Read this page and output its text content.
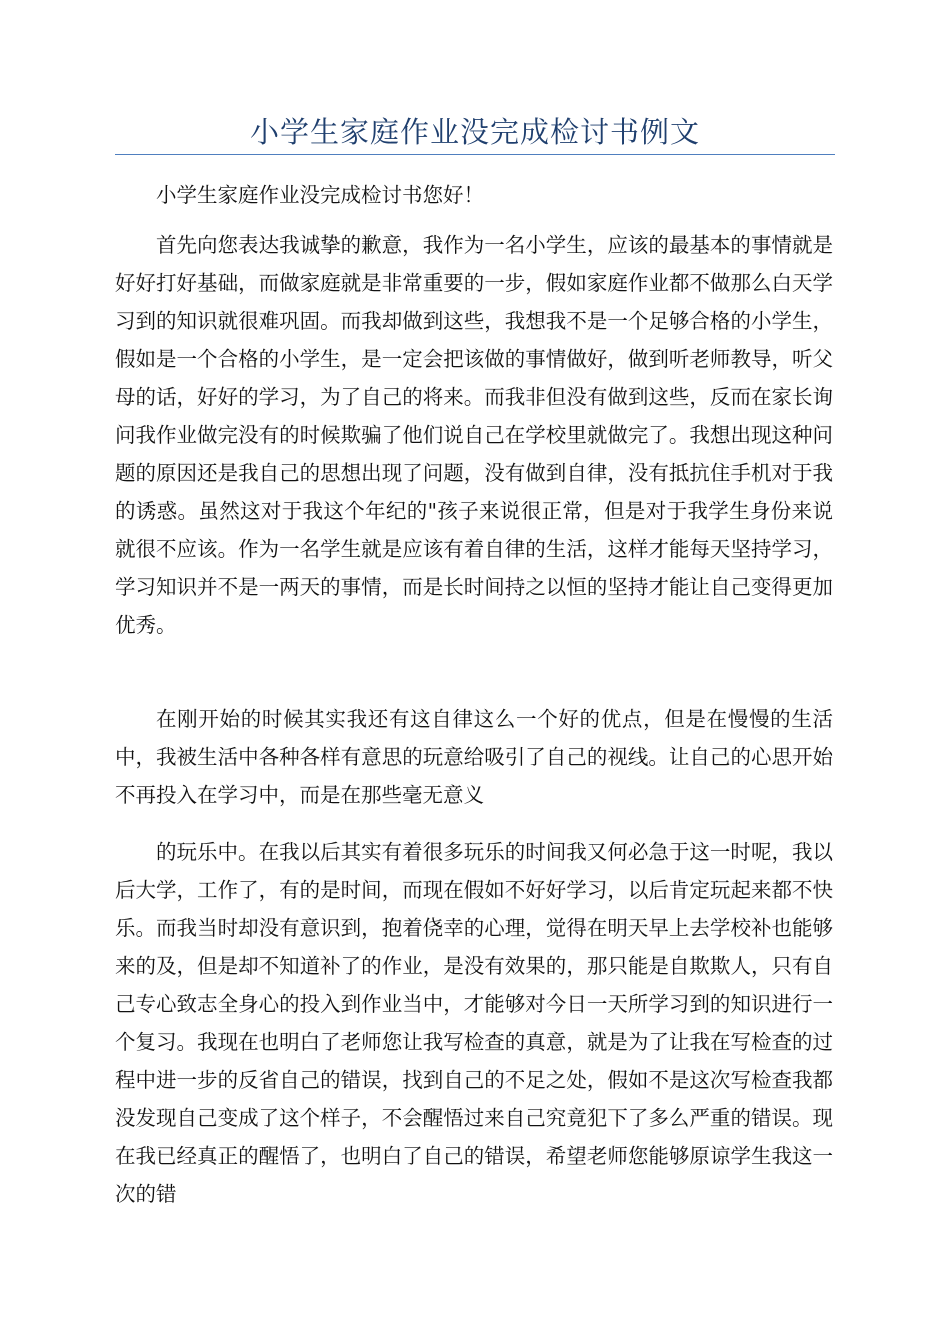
小学生家庭作业没完成检讨书例文

小学生家庭作业没完成检讨书您好！

首先向您表达我诚挚的歉意，我作为一名小学生，应该的最基本的事情就是好好打好基础，而做家庭就是非常重要的一步，假如家庭作业都不做那么白天学习到的知识就很难巩固。而我却做到这些，我想我不是一个足够合格的小学生，假如是一个合格的小学生，是一定会把该做的事情做好，做到听老师教导，听父母的话，好好的学习，为了自己的将来。而我非但没有做到这些，反而在家长询问我作业做完没有的时候欺骗了他们说自己在学校里就做完了。我想出现这种问题的原因还是我自己的思想出现了问题，没有做到自律，没有抵抗住手机对于我的诱惑。虽然这对于我这个年纪的"孩子来说很正常，但是对于我学生身份来说就很不应该。作为一名学生就是应该有着自律的生活，这样才能每天坚持学习，学习知识并不是一两天的事情，而是长时间持之以恒的坚持才能让自己变得更加优秀。

在刚开始的时候其实我还有这自律这么一个好的优点，但是在慢慢的生活中，我被生活中各种各样有意思的玩意给吸引了自己的视线。让自己的心思开始不再投入在学习中，而是在那些毫无意义

的玩乐中。在我以后其实有着很多玩乐的时间我又何必急于这一时呢，我以后大学，工作了，有的是时间，而现在假如不好好学习，以后肯定玩起来都不快乐。而我当时却没有意识到，抱着侥幸的心理，觉得在明天早上去学校补也能够来的及，但是却不知道补了的作业，是没有效果的，那只能是自欺欺人，只有自己专心致志全身心的投入到作业当中，才能够对今日一天所学习到的知识进行一个复习。我现在也明白了老师您让我写检查的真意，就是为了让我在写检查的过程中进一步的反省自己的错误，找到自己的不足之处，假如不是这次写检查我都没发现自己变成了这个样子，不会醒悟过来自己究竟犯下了多么严重的错误。现在我已经真正的醒悟了，也明白了自己的错误，希望老师您能够原谅学生我这一次的错
